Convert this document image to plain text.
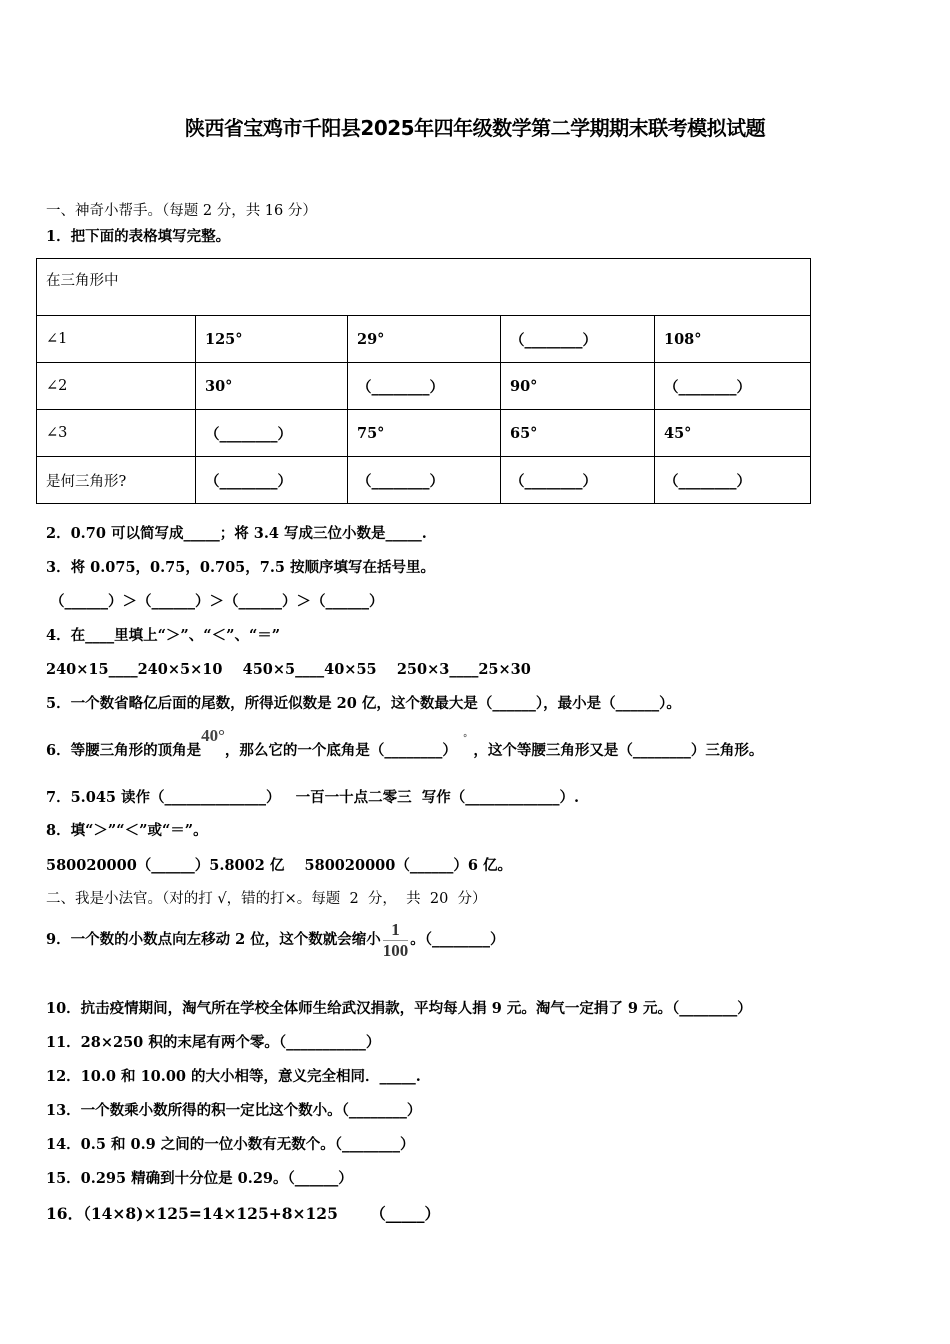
陕西省宝鸡市千阳县2025年四年级数学第二学期期末联考模拟试题
一、神奇小帮手。（每题 2 分，共 16 分）
1．把下面的表格填写完整。
在三角形中				
∠1	125°	29°	（________）	108°
∠2	30°	（________）	90°	（________）
∠3	（________）	75°	65°	45°
是何三角形?	（________）	（________）	（________）	（________）
2．0.70 可以简写成_____；将 3.4 写成三位小数是_____.
3．将 0.075，0.75，0.705，7.5 按顺序填写在括号里。
（______）＞（______）＞（______）＞（______）
4．在____里填上“＞”、“＜”、“＝”
240×15____240×5×10    450×5____40×55    250×3____25×30
5．一个数省略亿后面的尾数，所得近似数是 20 亿，这个数最大是（______），最小是（______）。
6．等腰三角形的顶角是40°，那么它的一个底角是（________）°，这个等腰三角形又是（________）三角形。
7．5.045 读作（______________）   一百一十点二零三  写作（_____________）.
8．填“＞”“＜”或“＝”。
580020000（______）5.8002 亿    580020000（______）6 亿。
二、我是小法官。（对的打 √，错的打×。每题  2  分，  共  20  分）
9．一个数的小数点向左移动 2 位，这个数就会缩小 $\frac{1}{100}$ 。（________）
10．抗击疫情期间，淘气所在学校全体师生给武汉捐款，平均每人捐 9 元。淘气一定捐了 9 元。（________）
11．28×250 积的末尾有两个零。（___________）
12．10.0 和 10.00 的大小相等，意义完全相同．_____.
13．一个数乘小数所得的积一定比这个数小。（________）
14．0.5 和 0.9 之间的一位小数有无数个。（________）
15．0.295 精确到十分位是 0.29。（______）
16．（14×8)×125=14×125+8×125      （_____）
